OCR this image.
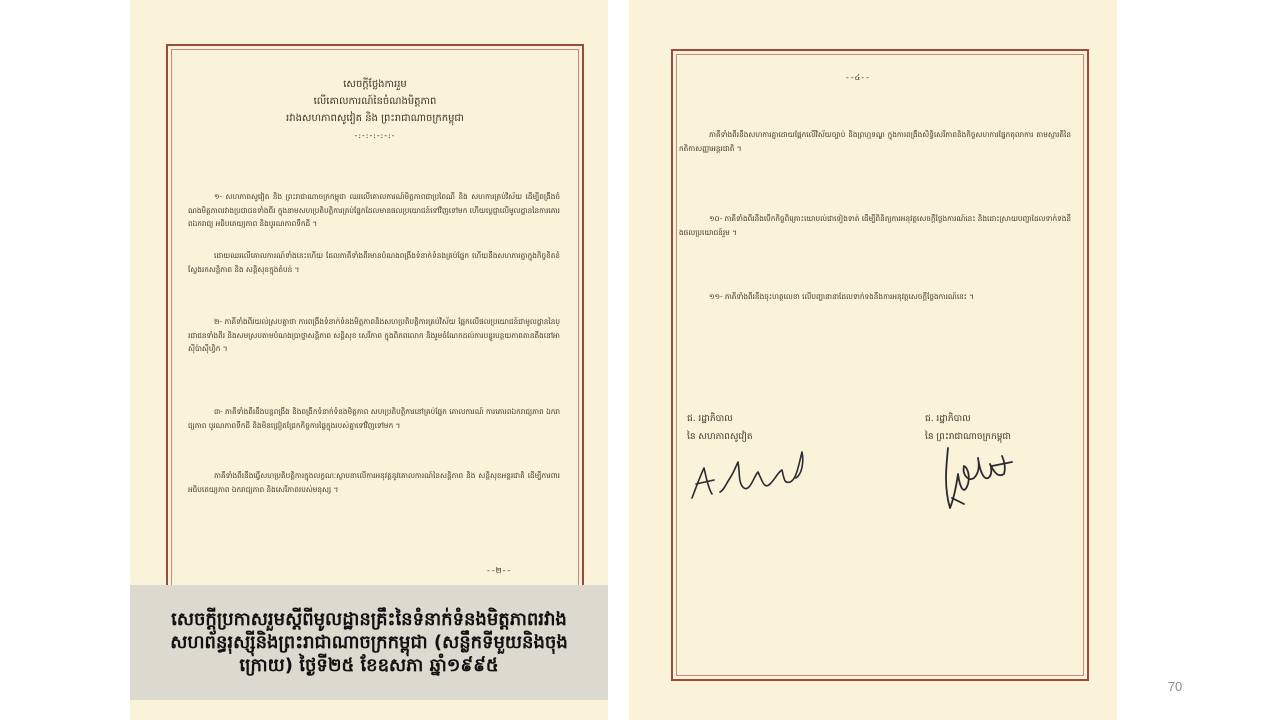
សេចក្តីថ្លែងការរួម
លើគោលការណ៍នៃចំណងមិត្តភាព
រវាងសហភាពសូវៀត និង ព្រះរាជាណាចក្រកម្ពុជា
-:-:-:-:-:-
១- សហភាពសូវៀត និង ព្រះរាជាណាចក្រកម្ពុជា ឈរលើគោលការណ៍មិត្តភាពជាប្រពៃណី និង សហការគ្រប់វិស័យ ដើម្បីពង្រឹងចំណងមិត្តភាពរវាងប្រជាជនទាំងពីរ ក្នុងនាមសហប្រតិបត្តិការគ្រប់ផ្នែកដែលមានផលប្រយោជន៍ទៅវិញទៅមក ហើយប្តេជ្ញាលើមូលដ្ឋាននៃការគោរពឯករាជ្យ អធិបតេយ្យភាព និងបូរណភាពទឹកដី ។
ដោយឈរលើគោលការណ៍ទាំងនេះហើយ ដែលភាគីទាំងពីរមានបំណងពង្រឹងទំនាក់ទំនងគ្រប់ផ្នែក ហើយនឹងសហការគ្នាក្នុងកិច្ចខិតខំស្វែងរកសន្តិភាព និង សន្តិសុខក្នុងតំបន់ ។
២- ភាគីទាំងពីរយល់ស្របគ្នាថា ការពង្រឹងទំនាក់ទំនងមិត្តភាពនិងសហប្រតិបត្តិការគ្រប់វិស័យ ផ្អែកលើផលប្រយោជន៍ជាមូលដ្ឋាននៃប្រជាជនទាំងពីរ និងសមស្របតាមបំណងប្រាថ្នាសន្តិភាព សន្តិសុខ សេរីភាព ក្នុងពិភពលោក និងរួមចំណែកដល់ការបន្ធូរបន្ថយភាពតានតឹងនៅអាស៊ីប៉ាស៊ីហ្វិក ។
៣- ភាគីទាំងពីរនឹងបន្តពង្រឹង និងពង្រីកទំនាក់ទំនងមិត្តភាព សហប្រតិបត្តិការនៅគ្រប់ផ្នែក គោលការណ៍ ការគោរពឯករាជ្យភាព ឯករាជ្យភាព បូរណភាពទឹកដី និងមិនជ្រៀតជ្រែកកិច្ចការផ្ទៃក្នុងរបស់គ្នាទៅវិញទៅមក ។
ភាគីទាំងពីរនឹងធ្វើសហប្រតិបត្តិការក្នុងលក្ខណៈស្ថាបនាលើការអនុវត្តនូវគោលការណ៍នៃសន្តិភាព និង សន្តិសុខអន្តរជាតិ ដើម្បីការពារអធិបតេយ្យភាព ឯករាជ្យភាព និងសេរីភាពរបស់មនុស្ស ។
--២--
--៤--
ភាគីទាំងពីរនឹងសហការគ្នាដោយផ្អែកលើវិស័យច្បាប់ និងព្រហ្មទណ្ឌ ក្នុងការពង្រឹងសិទ្ធិសេរីភាពនិងកិច្ចសហការផ្នែកតុលាការ តាមស្មារតីនៃកតិកាសញ្ញាអន្តរជាតិ ។
១០- ភាគីទាំងពីរនឹងបើកកិច្ចពិគ្រោះយោបល់ជាទៀងទាត់ ដើម្បីពិនិត្យការអនុវត្តសេចក្តីថ្លែងការណ៍នេះ និងដោះស្រាយបញ្ហាដែលទាក់ទងនឹងផលប្រយោជន៍រួម ។
១១- ភាគីទាំងពីរនឹងចុះហត្ថលេខា លើបញ្ហានានាដែលទាក់ទងនឹងការអនុវត្តសេចក្តីថ្លែងការណ៍នេះ ។
ជ. រដ្ឋាភិបាល
នៃ សហភាពសូវៀត
ជ. រដ្ឋាភិបាល
នៃ ព្រះរាជាណាចក្រកម្ពុជា
សេចក្តីប្រកាសរួមស្តីពីមូលដ្ឋានគ្រឹះនៃទំនាក់ទំនងមិត្តភាពរវាងសហព័ន្ធរុស្ស៊ីនិងព្រះរាជាណាចក្រកម្ពុជា (សន្លឹកទីមួយនិងចុងក្រោយ) ថ្ងៃទី២៥ ខែឧសភា ឆ្នាំ១៩៩៥
70
